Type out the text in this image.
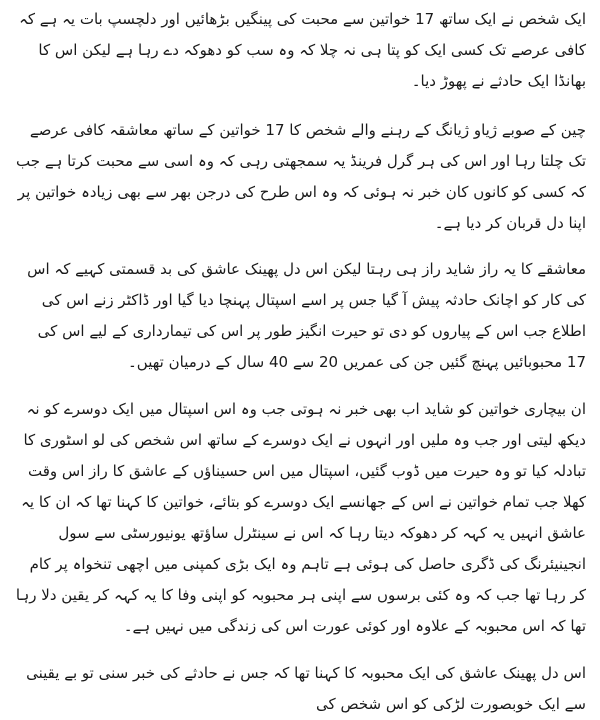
ایک شخص نے ایک ساتھ 17 خواتین سے محبت کی پینگیں بڑھائیں اور دلچسپ بات یہ ہے کہ کافی عرصے تک کسی ایک کو پتا ہی نہ چلا کہ وہ سب کو دھوکہ دے رہا ہے لیکن اس کا بھانڈا ایک حادثے نے پھوڑ دیا۔

چین کے صوبے ژیاو ژیانگ کے رہنے والے شخص کا 17 خواتین کے ساتھ معاشقہ کافی عرصے تک چلتا رہا اور اس کی ہر گرل فرینڈ یہ سمجھتی رہی کہ وہ اسی سے محبت کرتا ہے جب کہ کسی کو کانوں کان خبر نہ ہوئی کہ وہ اس طرح کی درجن بھر سے بھی زیادہ خواتین پر اپنا دل قربان کر دیا ہے۔

معاشقے کا یہ راز شاید راز ہی رہتا لیکن اس دل پھینک عاشق کی بد قسمتی کہیے کہ اس کی کار کو اچانک حادثہ پیش آ گیا جس پر اسے اسپتال پہنچا دیا گیا اور ڈاکٹر زنے اس کی اطلاع جب اس کے پیاروں کو دی تو حیرت انگیز طور پر اس کی تیمارداری کے لیے اس کی 17 محبوبائیں پہنچ گئیں جن کی عمریں 20 سے 40 سال کے درمیان تھیں۔

ان بیچاری خواتین کو شاید اب بھی خبر نہ ہوتی جب وہ اس اسپتال میں ایک دوسرے کو نہ دیکھ لیتی اور جب وہ ملیں اور انہوں نے ایک دوسرے کے ساتھ اس شخص کی لو اسٹوری کا تبادلہ کیا تو وہ حیرت میں ڈوب گئیں، اسپتال میں اس حسیناؤں کے عاشق کا راز اس وقت کھلا جب تمام خواتین نے اس کے جھانسے ایک دوسرے کو بتائے، خواتین کا کہنا تھا کہ ان کا یہ عاشق انہیں یہ کہہ کر دھوکہ دیتا رہا کہ اس نے سینٹرل ساؤتھ یونیورسٹی سے سول انجینیئرنگ کی ڈگری حاصل کی ہوئی ہے تاہم وہ ایک بڑی کمپنی میں اچھی تنخواہ پر کام کر رہا تھا جب کہ وہ کئی برسوں سے اپنی ہر محبوبہ کو اپنی وفا کا یہ کہہ کر یقین دلا رہا تھا کہ اس محبوبہ کے علاوہ اور کوئی عورت اس کی زندگی میں نہیں ہے۔

اس دل پھینک عاشق کی ایک محبوبہ کا کہنا تھا کہ جس نے حادثے کی خبر سنی تو بے یقینی سے ایک خوبصورت لڑکی کو اس شخص کی
